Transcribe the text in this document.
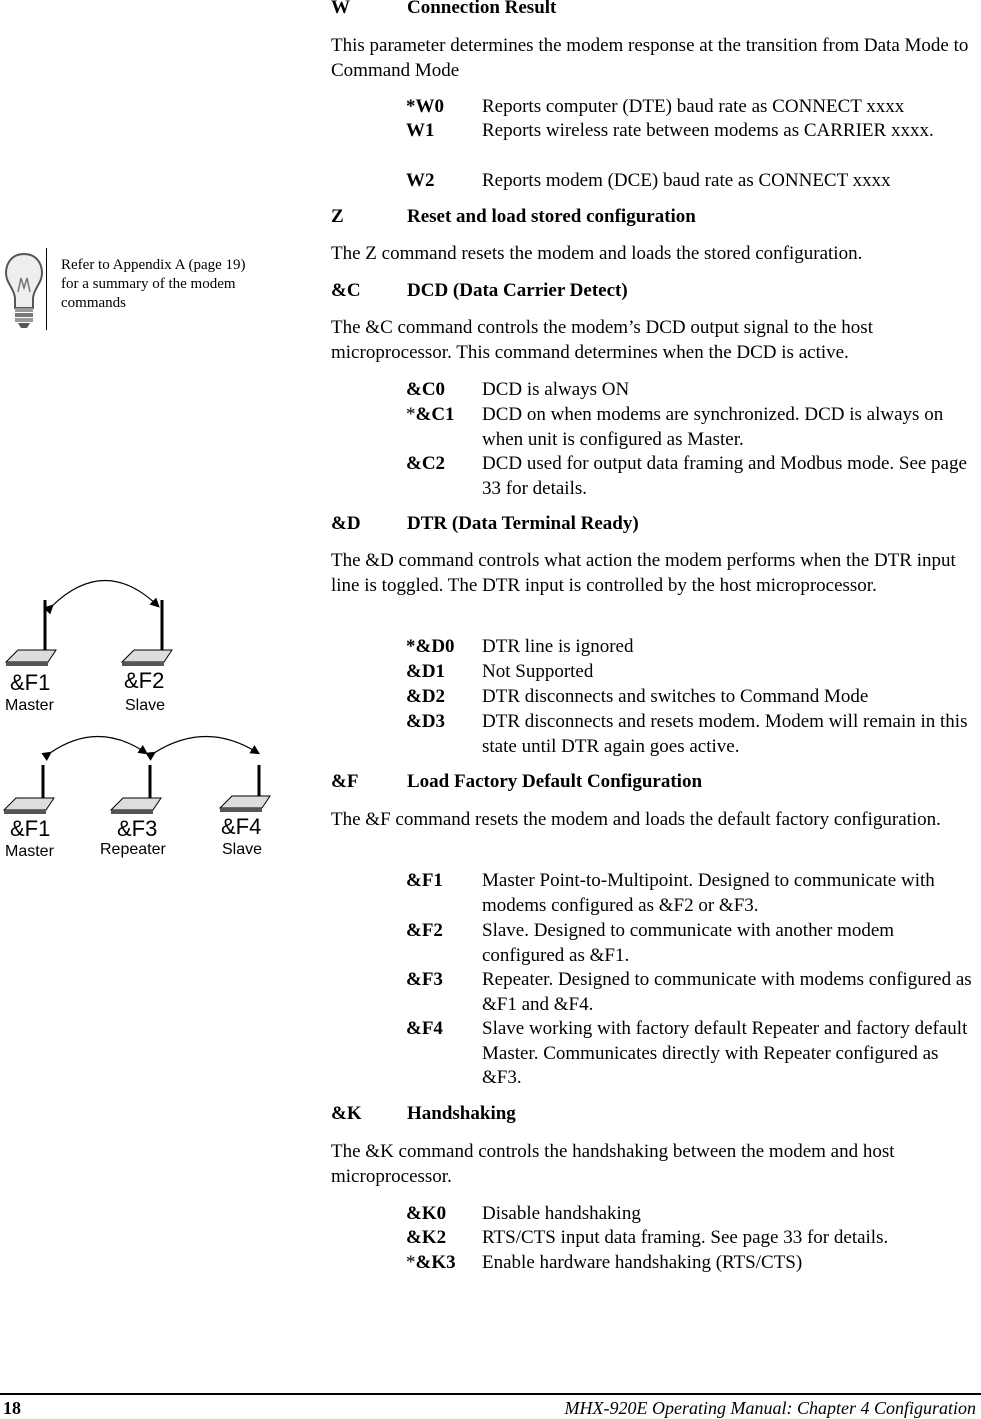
Refer to Appendix A (page 19) for a summary of the modem commands
&F1
Master
&F2
Slave
&F1
Master
&F3
Repeater
&F4
Slave
W	Connection Result
This parameter determines the modem response at the transition from Data Mode to Command Mode
*W0	Reports computer (DTE) baud rate as CONNECT xxxx
W1	Reports wireless rate between modems as CARRIER xxxx.
W2	Reports modem (DCE) baud rate as CONNECT xxxx
Z	Reset and load stored configuration
The Z command resets the modem and loads the stored configuration.
&C DCD (Data Carrier Detect)
The &C command controls the modem’s DCD output signal to the host microprocessor. This command determines when the DCD is active.
&C0	DCD is always ON
*&C1	DCD on when modems are synchronized. DCD is always on when unit is configured as Master.
&C2	DCD used for output data framing and Modbus mode. See page 33 for details.
&D DTR (Data Terminal Ready)
The &D command controls what action the modem performs when the DTR input line is toggled. The DTR input is controlled by the host microprocessor.
*&D0	DTR line is ignored
&D1	Not Supported
&D2	DTR disconnects and switches to Command Mode
&D3	DTR disconnects and resets modem. Modem will remain in this state until DTR again goes active.
&F	Load Factory Default Configuration
The &F command resets the modem and loads the default factory configuration.
&F1	Master Point-to-Multipoint. Designed to communicate with modems configured as &F2 or &F3.
&F2	Slave. Designed to communicate with another modem configured as &F1.
&F3	Repeater. Designed to communicate with modems configured as &F1 and &F4.
&F4	Slave working with factory default Repeater and factory default Master. Communicates directly with Repeater configured as &F3.
&K Handshaking
The &K command controls the handshaking between the modem and host microprocessor.
&K0	Disable handshaking
&K2	RTS/CTS input data framing. See page 33 for details.
*&K3	Enable hardware handshaking (RTS/CTS)
18	MHX-920E Operating Manual: Chapter 4 Configuration
